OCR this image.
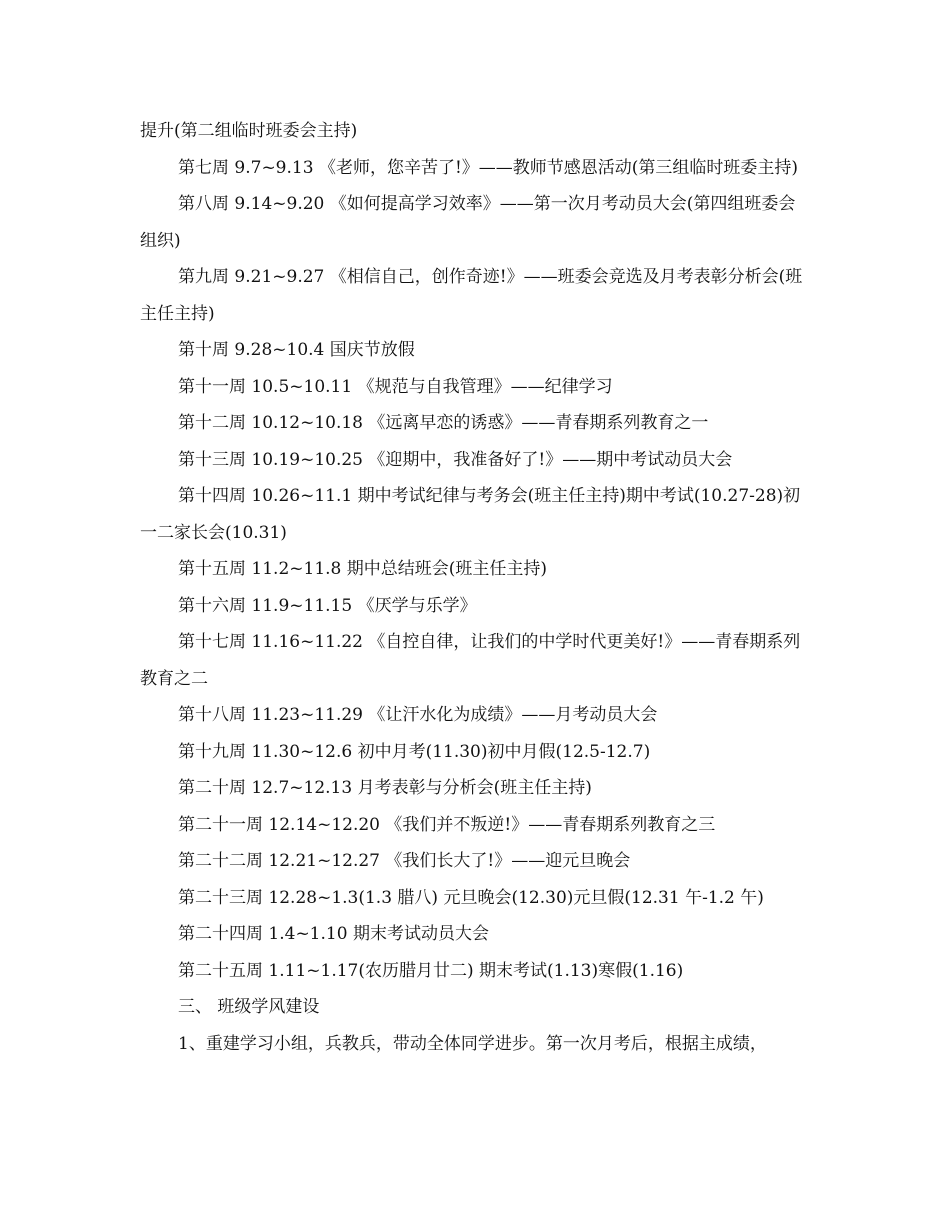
提升(第二组临时班委会主持)

第七周 9.7~9.13 《老师，您辛苦了!》——教师节感恩活动(第三组临时班委主持)

第八周 9.14~9.20 《如何提高学习效率》——第一次月考动员大会(第四组班委会组织)

第九周 9.21~9.27 《相信自己，创作奇迹!》——班委会竞选及月考表彰分析会(班主任主持)

第十周 9.28~10.4 国庆节放假

第十一周 10.5~10.11 《规范与自我管理》——纪律学习

第十二周 10.12~10.18 《远离早恋的诱惑》——青春期系列教育之一

第十三周 10.19~10.25 《迎期中，我准备好了!》——期中考试动员大会

第十四周 10.26~11.1 期中考试纪律与考务会(班主任主持)期中考试(10.27-28)初一二家长会(10.31)

第十五周 11.2~11.8 期中总结班会(班主任主持)

第十六周 11.9~11.15 《厌学与乐学》

第十七周 11.16~11.22 《自控自律，让我们的中学时代更美好!》——青春期系列教育之二

第十八周 11.23~11.29 《让汗水化为成绩》——月考动员大会

第十九周 11.30~12.6 初中月考(11.30)初中月假(12.5-12.7)

第二十周 12.7~12.13 月考表彰与分析会(班主任主持)

第二十一周 12.14~12.20 《我们并不叛逆!》——青春期系列教育之三

第二十二周 12.21~12.27 《我们长大了!》——迎元旦晚会

第二十三周 12.28~1.3(1.3 腊八) 元旦晚会(12.30)元旦假(12.31 午-1.2 午)

第二十四周 1.4~1.10 期末考试动员大会

第二十五周 1.11~1.17(农历腊月廿二) 期末考试(1.13)寒假(1.16)

三、 班级学风建设

1、重建学习小组，兵教兵，带动全体同学进步。第一次月考后，根据主成绩，
